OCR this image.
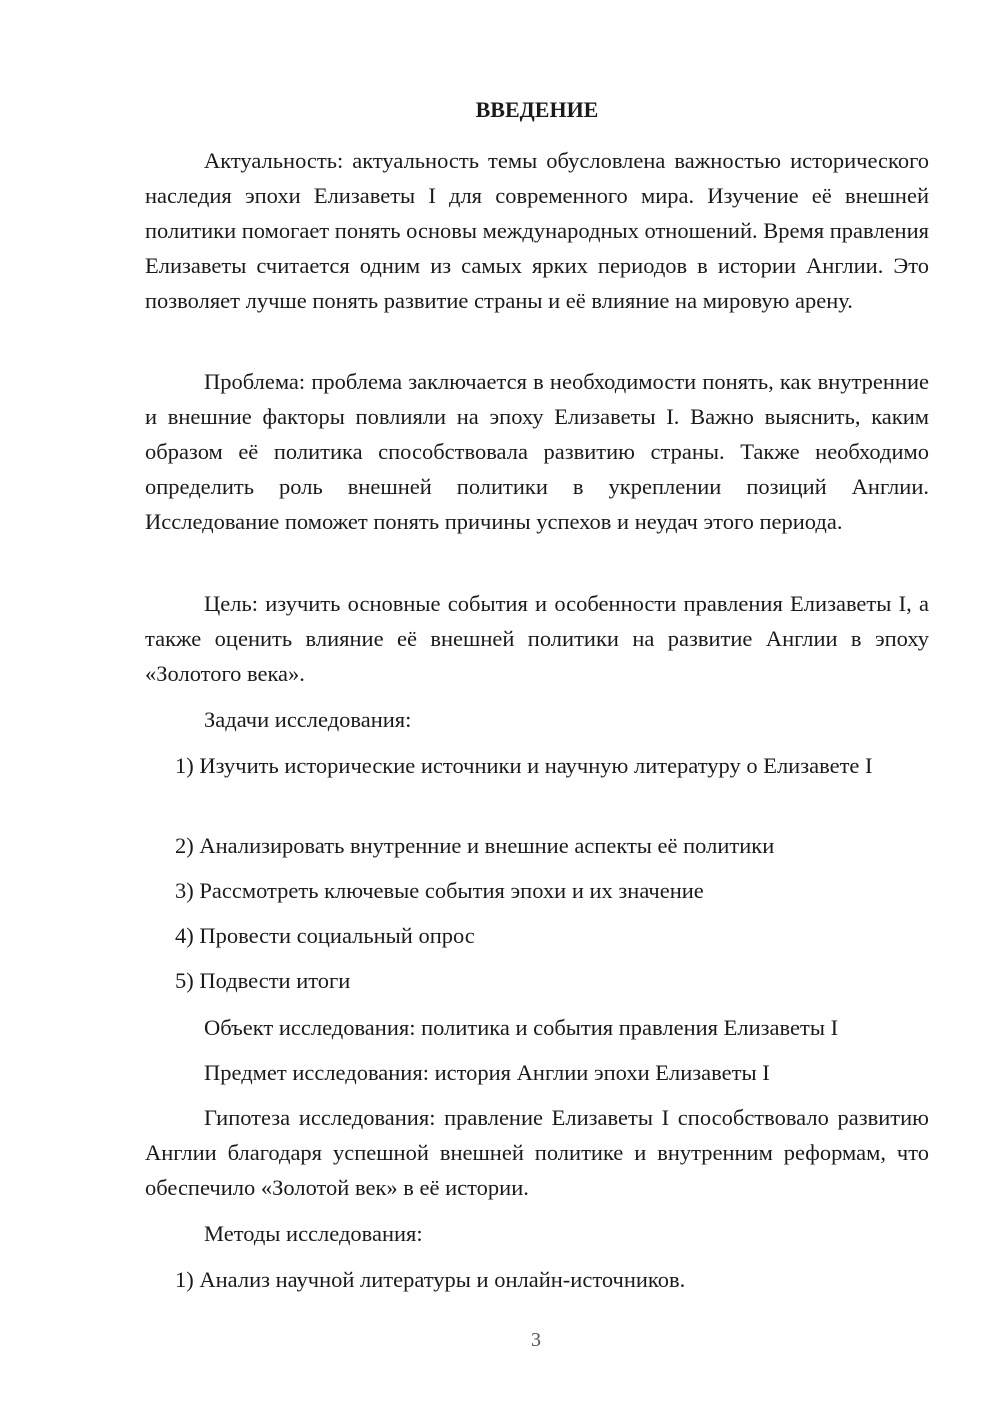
ВВЕДЕНИЕ

Актуальность: актуальность темы обусловлена важностью исторического наследия эпохи Елизаветы I для современного мира. Изучение её внешней политики помогает понять основы международных отношений. Время правления Елизаветы считается одним из самых ярких периодов в истории Англии. Это позволяет лучше понять развитие страны и её влияние на мировую арену.

Проблема: проблема заключается в необходимости понять, как внутренние и внешние факторы повлияли на эпоху Елизаветы I. Важно выяснить, каким образом её политика способствовала развитию страны. Также необходимо определить роль внешней политики в укреплении позиций Англии. Исследование поможет понять причины успехов и неудач этого периода.

Цель: изучить основные события и особенности правления Елизаветы I, а также оценить влияние её внешней политики на развитие Англии в эпоху «Золотого века».

Задачи исследования:

1) Изучить исторические источники и научную литературу о Елизавете I
2) Анализировать внутренние и внешние аспекты её политики
3) Рассмотреть ключевые события эпохи и их значение
4) Провести социальный опрос
5) Подвести итоги

Объект исследования: политика и события правления Елизаветы I

Предмет исследования: история Англии эпохи Елизаветы I

Гипотеза исследования: правление Елизаветы I способствовало развитию Англии благодаря успешной внешней политике и внутренним реформам, что обеспечило «Золотой век» в её истории.

Методы исследования:

1) Анализ научной литературы и онлайн-источников.
3
